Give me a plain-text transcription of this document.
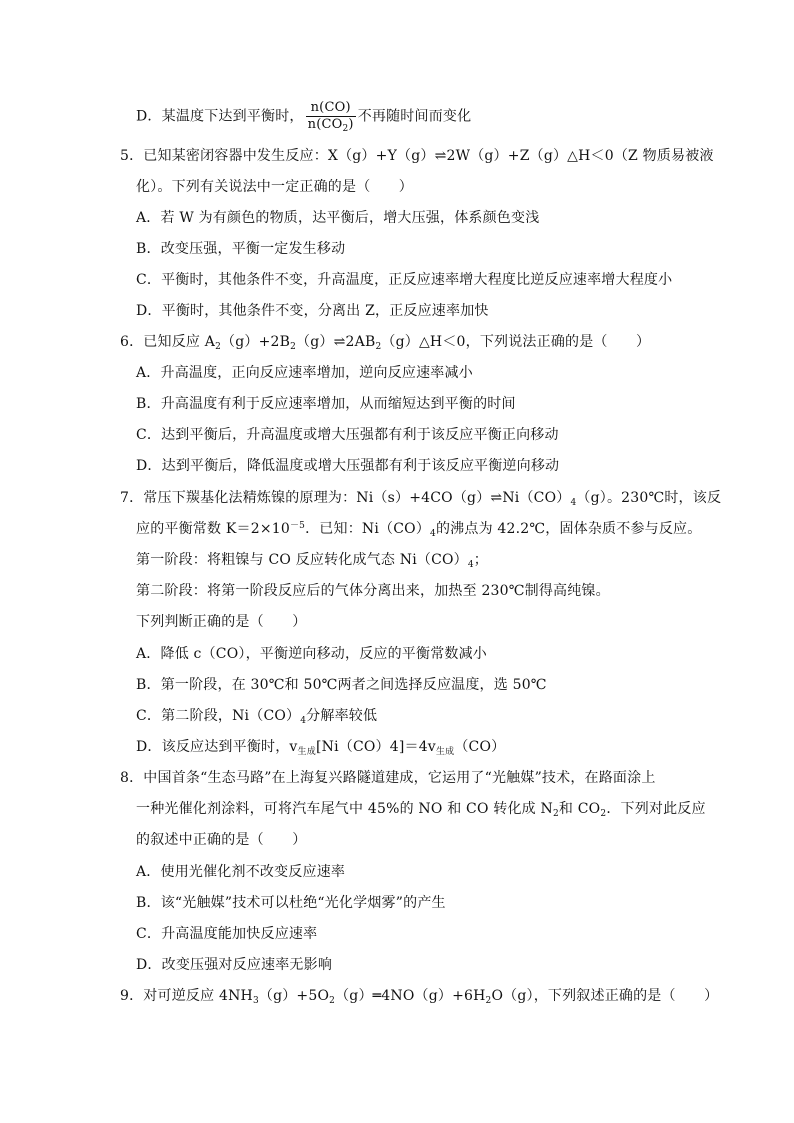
D．某温度下达到平衡时， $\frac{n(CO)}{n(CO_2)}$ 不再随时间而变化
5．已知某密闭容器中发生反应：X（g）+Y（g）⇌2W（g）+Z（g）△H＜0（Z 物质易被液
化）。下列有关说法中一定正确的是（　　）
A．若 W 为有颜色的物质，达平衡后，增大压强，体系颜色变浅
B．改变压强，平衡一定发生移动
C．平衡时，其他条件不变，升高温度，正反应速率增大程度比逆反应速率增大程度小
D．平衡时，其他条件不变，分离出 Z，正反应速率加快
6．已知反应 $A_2(g)+2B_2(g)\rightleftharpoons 2AB_2(g)\triangle H<0$，下列说法正确的是（　　）
A．升高温度，正向反应速率增加，逆向反应速率减小
B．升高温度有利于反应速率增加，从而缩短达到平衡的时间
C．达到平衡后，升高温度或增大压强都有利于该反应平衡正向移动
D．达到平衡后，降低温度或增大压强都有利于该反应平衡逆向移动
7．常压下羰基化法精炼镍的原理为：$Ni(s)+4CO(g)\rightleftharpoons Ni(CO)_4(g)$。230℃时，该反
应的平衡常数 $K=2\times 10^{-5}$．已知：$Ni(CO)_4$的沸点为 42.2℃，固体杂质不参与反应。
第一阶段：将粗镍与 CO 反应转化成气态 $Ni(CO)_4$；
第二阶段：将第一阶段反应后的气体分离出来，加热至 230℃制得高纯镍。
下列判断正确的是（　　）
A．降低 c（CO），平衡逆向移动，反应的平衡常数减小
B．第一阶段，在 30℃和 50℃两者之间选择反应温度，选 50℃
C．第二阶段，$Ni(CO)_4$分解率较低
D．该反应达到平衡时，$v_{生成}[Ni(CO)4]=4v_{生成}(CO)$
8．中国首条“生态马路”在上海复兴路隧道建成，它运用了“光触媒”技术，在路面涂上
一种光催化剂涂料，可将汽车尾气中 45%的 NO 和 CO 转化成 $N_2$和 $CO_2$．下列对此反应
的叙述中正确的是（　　）
A．使用光催化剂不改变反应速率
B．该“光触媒”技术可以杜绝“光化学烟雾”的产生
C．升高温度能加快反应速率
D．改变压强对反应速率无影响
9．对可逆反应 $4NH_3(g)+5O_2(g)═4NO(g)+6H_2O(g)$，下列叙述正确的是（　　）
